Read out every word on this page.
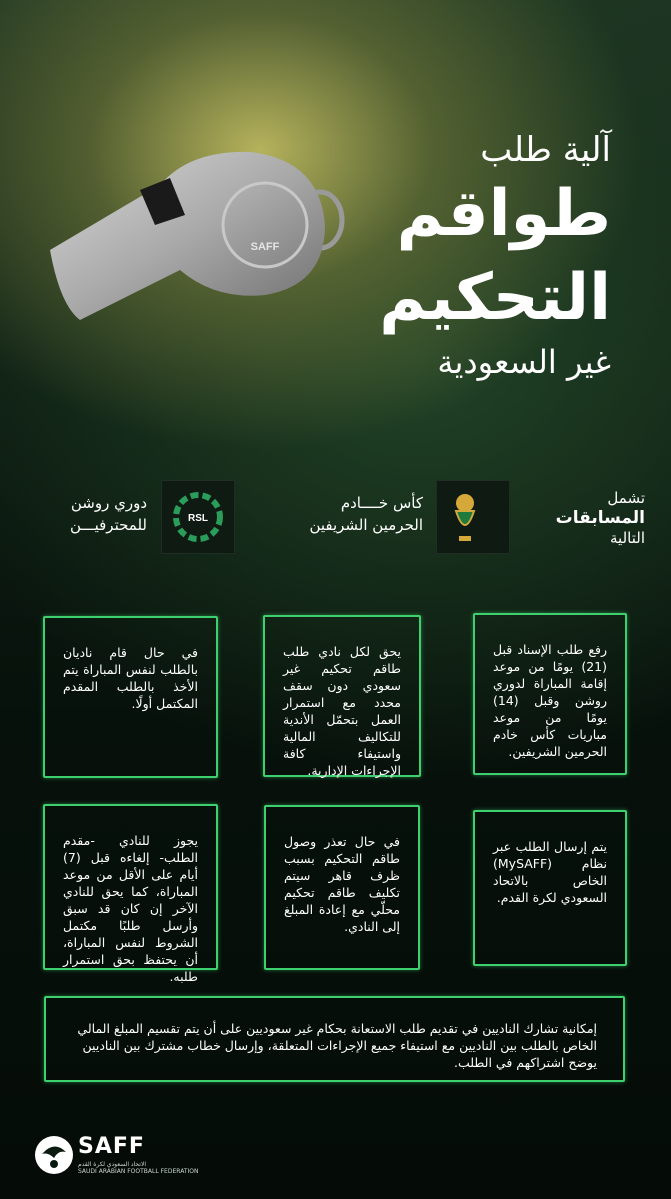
SAFF
آلية طلب
طواقم
التحكيم
غير السعودية
تشمل
المسابقات
التالية
كأس خــــادم
الحرمين الشريفين
RSL
دوري روشن
للمحترفيـــن
رفع طلب الإسناد قبل (21) يومًا من موعد إقامة المباراة لدوري روشن وقبل (14) يومًا من موعد مباريات كأس خادم الحرمين الشريفين.
يحق لكل نادي طلب طاقم تحكيم غير سعودي دون سقف محدد مع استمرار العمل بتحمّل الأندية للتكاليف المالية واستيفاء كافة الإجراءات الإدارية.
في حال قام ناديان بالطلب لنفس المباراة يتم الأخذ بالطلب المقدم المكتمل أولًا.
يتم إرسال الطلب عبر نظام (MySAFF) الخاص بالاتحاد السعودي لكرة القدم.
في حال تعذر وصول طاقم التحكيم بسبب ظرف قاهر سيتم تكليف طاقم تحكيم محلّي مع إعادة المبلغ إلى النادي.
يجوز للنادي -مقدم الطلب- إلغاءه قبل (7) أيام على الأقل من موعد المباراة، كما يحق للنادي الآخر إن كان قد سبق وأرسل طلبًا مكتمل الشروط لنفس المباراة، أن يحتفظ بحق استمرار طلبه.
إمكانية تشارك الناديين في تقديم طلب الاستعانة بحكام غير سعوديين على أن يتم تقسيم المبلغ المالي الخاص بالطلب بين الناديين مع استيفاء جميع الإجراءات المتعلقة، وإرسال خطاب مشترك بين الناديين يوضح اشتراكهم في الطلب.
SAFF
الاتحاد السعودي لكرة القدم
SAUDI ARABIAN FOOTBALL FEDERATION
